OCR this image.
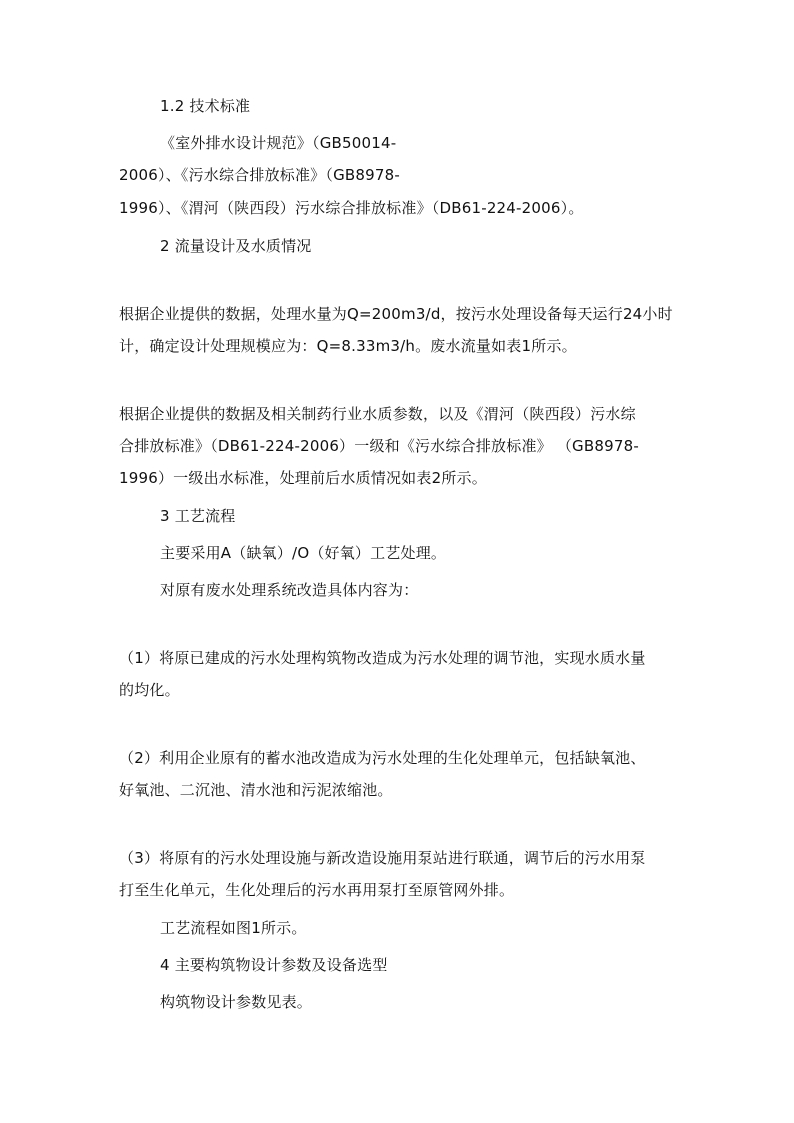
1.2 技术标准
《室外排水设计规范》（GB50014-
2006）、《污水综合排放标准》（GB8978-
1996）、《渭河（陕西段）污水综合排放标准》（DB61-224-2006）。
2 流量设计及水质情况
根据企业提供的数据，处理水量为Q=200m3/d，按污水处理设备每天运行24小时
计，确定设计处理规模应为：Q=8.33m3/h。废水流量如表1所示。
根据企业提供的数据及相关制药行业水质参数，以及《渭河（陕西段）污水综
合排放标准》（DB61-224-2006）一级和《污水综合排放标准》 （GB8978-
1996）一级出水标准，处理前后水质情况如表2所示。
3 工艺流程
主要采用A（缺氧）/O（好氧）工艺处理。
对原有废水处理系统改造具体内容为：
（1）将原已建成的污水处理构筑物改造成为污水处理的调节池，实现水质水量
的均化。
（2）利用企业原有的蓄水池改造成为污水处理的生化处理单元，包括缺氧池、
好氧池、二沉池、清水池和污泥浓缩池。
（3）将原有的污水处理设施与新改造设施用泵站进行联通，调节后的污水用泵
打至生化单元，生化处理后的污水再用泵打至原管网外排。
工艺流程如图1所示。
4 主要构筑物设计参数及设备选型
构筑物设计参数见表。
